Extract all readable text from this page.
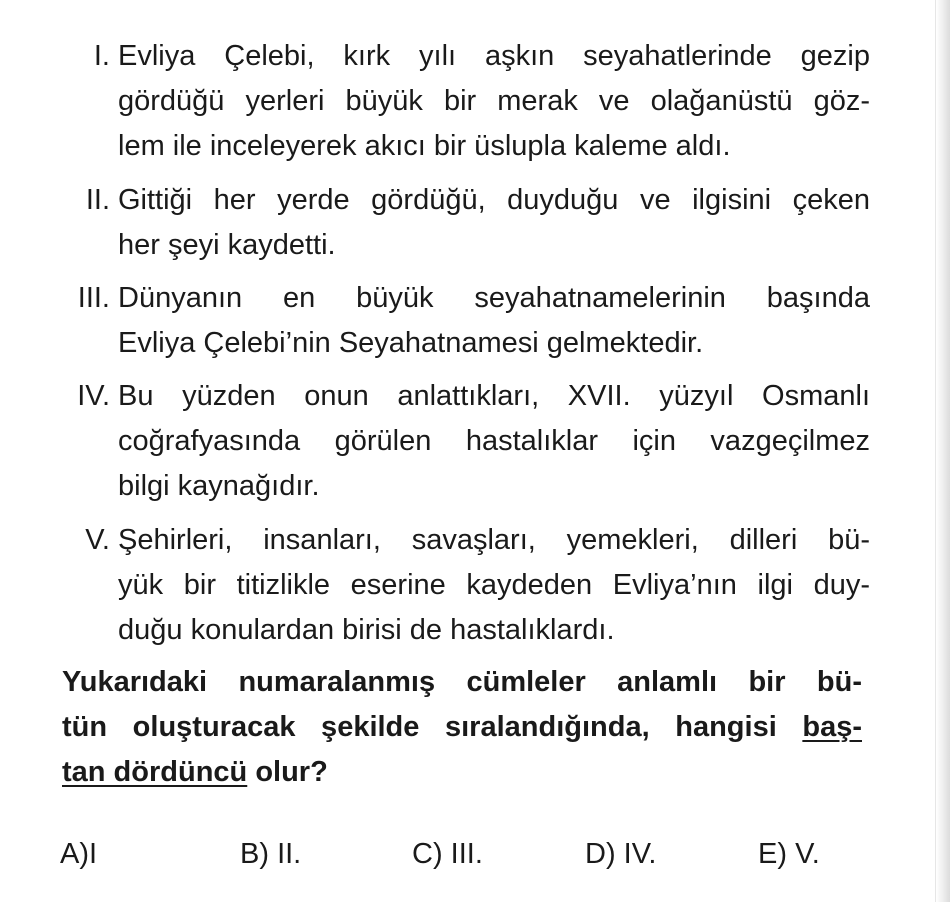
I. Evliya Çelebi, kırk yılı aşkın seyahatlerinde gezip
gördüğü yerleri büyük bir merak ve olağanüstü göz-
lem ile inceleyerek akıcı bir üslupla kaleme aldı.
II. Gittiği her yerde gördüğü, duyduğu ve ilgisini çeken
her şeyi kaydetti.
III. Dünyanın en büyük seyahatnamelerinin başında
Evliya Çelebi’nin Seyahatnamesi gelmektedir.
IV. Bu yüzden onun anlattıkları, XVII. yüzyıl Osmanlı
coğrafyasında görülen hastalıklar için vazgeçilmez
bilgi kaynağıdır.
V. Şehirleri, insanları, savaşları, yemekleri, dilleri bü-
yük bir titizlikle eserine kaydeden Evliya’nın ilgi duy-
duğu konulardan birisi de hastalıklardı.
Yukarıdaki numaralanmış cümleler anlamlı bir bü-
tün oluşturacak şekilde sıralandığında, hangisi baş-
tan dördüncü olur?
A)I	B) II.	C) III.	D) IV.	E) V.
